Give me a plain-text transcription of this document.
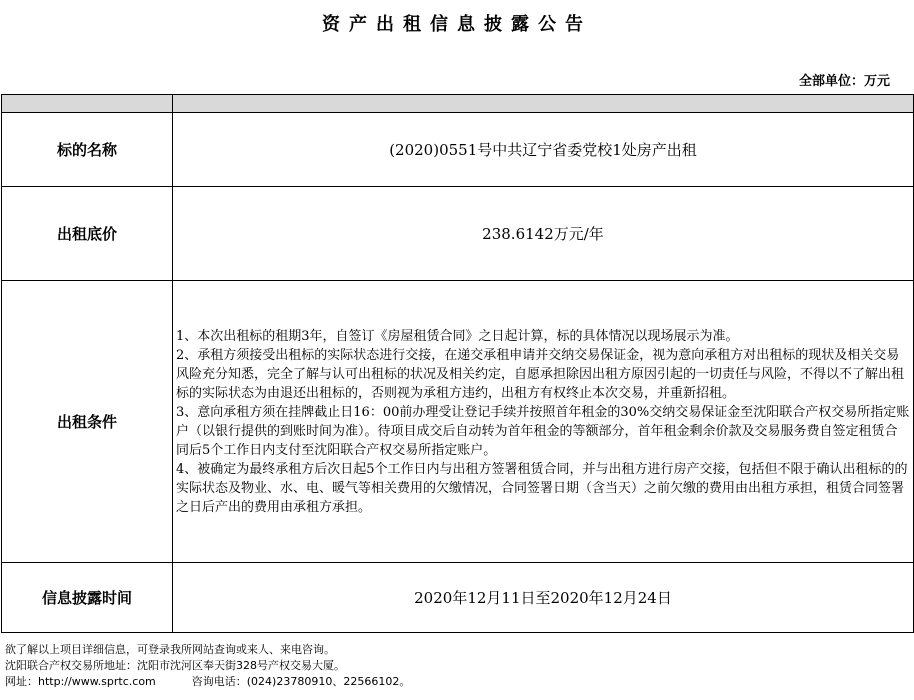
资产出租信息披露公告
全部单位：万元

标的名称	(2020)0551号中共辽宁省委党校1处房产出租
出租底价	238.6142万元/年
出租条件	1、本次出租标的租期3年，自签订《房屋租赁合同》之日起计算，标的具体情况以现场展示为准。

2、承租方须接受出租标的实际状态进行交接，在递交承租申请并交纳交易保证金，视为意向承租方对出租标的现状及相关交易风险充分知悉，完全了解与认可出租标的状况及相关约定，自愿承担除因出租方原因引起的一切责任与风险，不得以不了解出租标的实际状态为由退还出租标的，否则视为承租方违约，出租方有权终止本次交易，并重新招租。

3、意向承租方须在挂牌截止日16：00前办理受让登记手续并按照首年租金的30%交纳交易保证金至沈阳联合产权交易所指定账户（以银行提供的到账时间为准）。待项目成交后自动转为首年租金的等额部分，首年租金剩余价款及交易服务费自签定租赁合同后5个工作日内支付至沈阳联合产权交易所指定账户。

4、被确定为最终承租方后次日起5个工作日内与出租方签署租赁合同，并与出租方进行房产交接，包括但不限于确认出租标的的实际状态及物业、水、电、暖气等相关费用的欠缴情况，合同签署日期（含当天）之前欠缴的费用由出租方承担，租赁合同签署之日后产出的费用由承租方承担。

信息披露时间	2020年12月11日至2020年12月24日
欲了解以上项目详细信息，可登录我所网站查询或来人、来电咨询。
沈阳联合产权交易所地址：沈阳市沈河区奉天街328号产权交易大厦。
网址：http://www.sprtc.com	咨询电话：(024)23780910、22566102。
